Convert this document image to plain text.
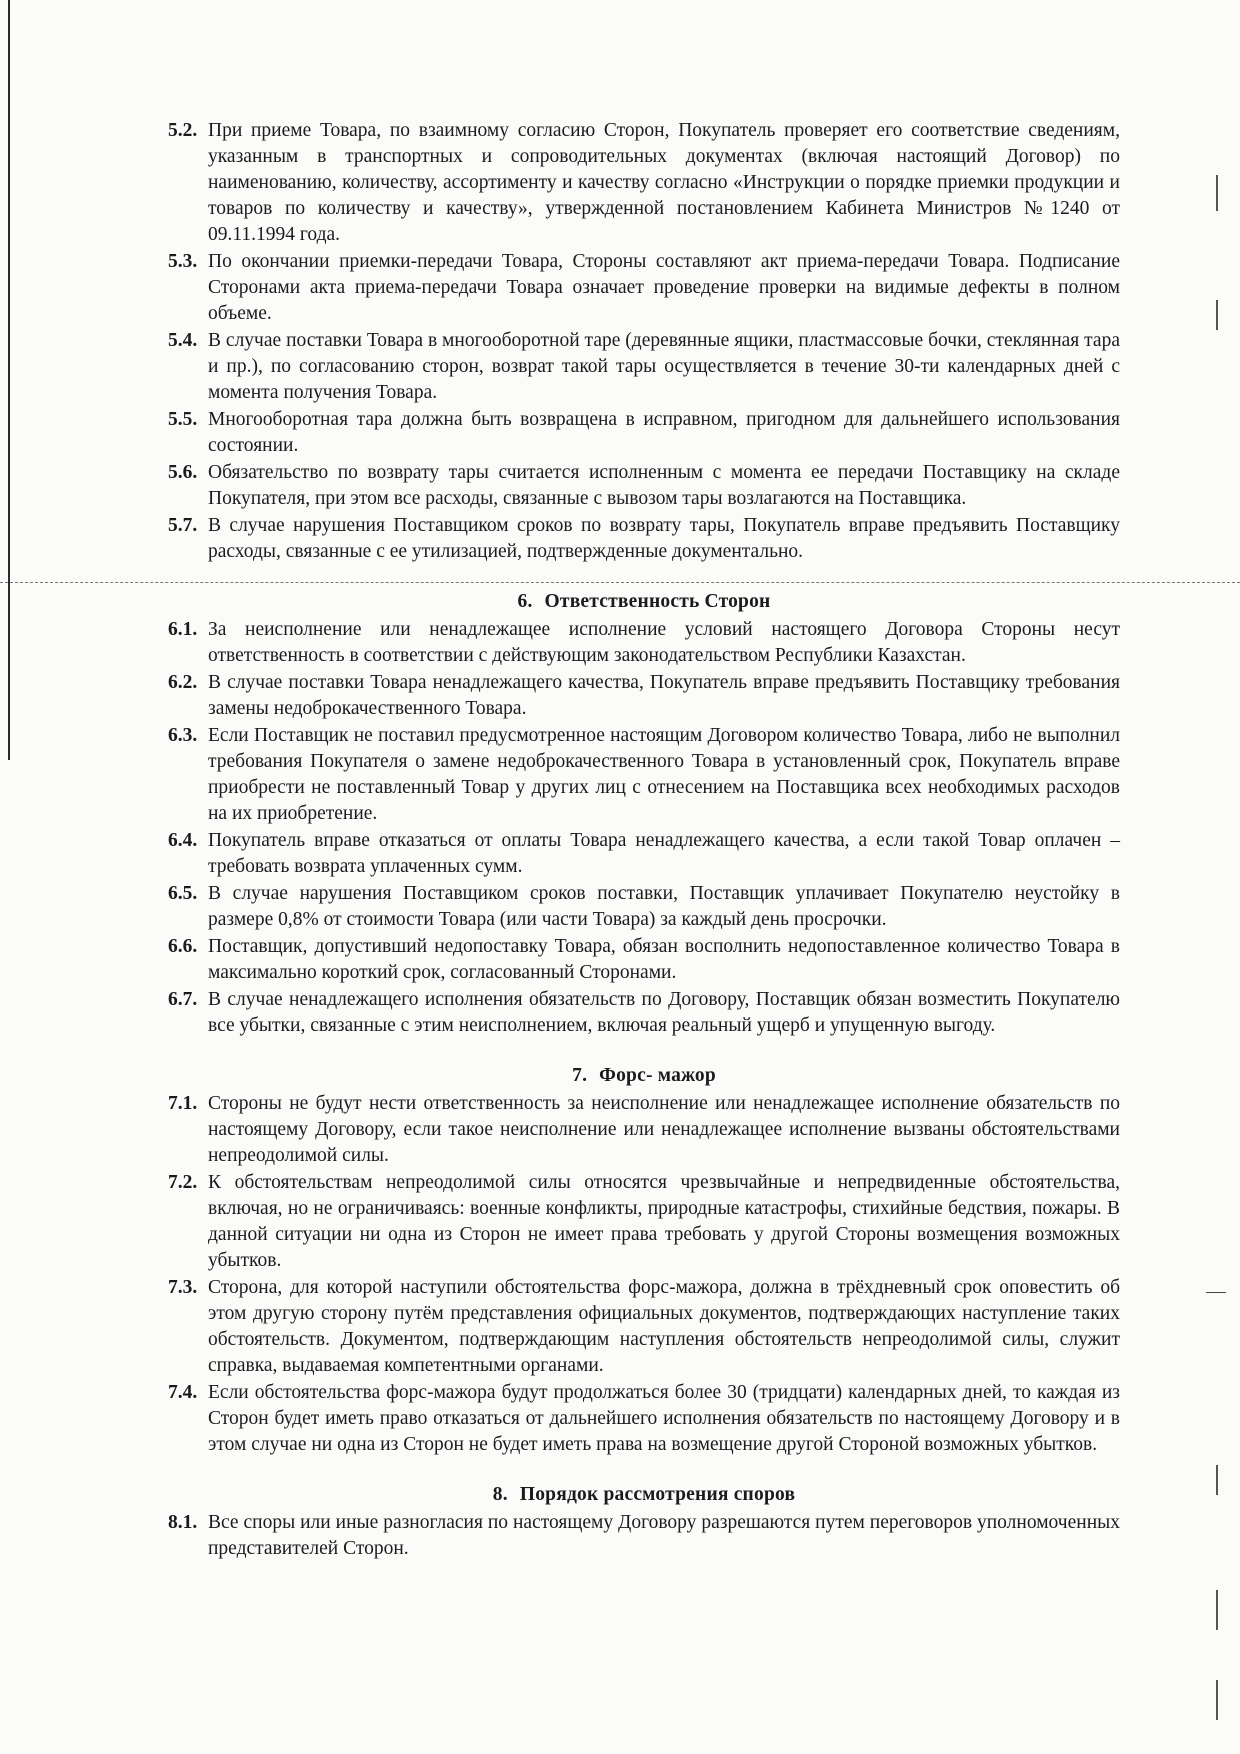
5.2. При приеме Товара, по взаимному согласию Сторон, Покупатель проверяет его соответствие сведениям, указанным в транспортных и сопроводительных документах (включая настоящий Договор) по наименованию, количеству, ассортименту и качеству согласно «Инструкции о порядке приемки продукции и товаров по количеству и качеству», утвержденной постановлением Кабинета Министров №1240 от 09.11.1994 года.
5.3. По окончании приемки-передачи Товара, Стороны составляют акт приема-передачи Товара. Подписание Сторонами акта приема-передачи Товара означает проведение проверки на видимые дефекты в полном объеме.
5.4. В случае поставки Товара в многооборотной таре (деревянные ящики, пластмассовые бочки, стеклянная тара и пр.), по согласованию сторон, возврат такой тары осуществляется в течение 30-ти календарных дней с момента получения Товара.
5.5. Многооборотная тара должна быть возвращена в исправном, пригодном для дальнейшего использования состоянии.
5.6. Обязательство по возврату тары считается исполненным с момента ее передачи Поставщику на складе Покупателя, при этом все расходы, связанные с вывозом тары возлагаются на Поставщика.
5.7. В случае нарушения Поставщиком сроков по возврату тары, Покупатель вправе предъявить Поставщику расходы, связанные с ее утилизацией, подтвержденные документально.
6. Ответственность Сторон
6.1. За неисполнение или ненадлежащее исполнение условий настоящего Договора Стороны несут ответственность в соответствии с действующим законодательством Республики Казахстан.
6.2. В случае поставки Товара ненадлежащего качества, Покупатель вправе предъявить Поставщику требования замены недоброкачественного Товара.
6.3. Если Поставщик не поставил предусмотренное настоящим Договором количество Товара, либо не выполнил требования Покупателя о замене недоброкачественного Товара в установленный срок, Покупатель вправе приобрести не поставленный Товар у других лиц с отнесением на Поставщика всех необходимых расходов на их приобретение.
6.4. Покупатель вправе отказаться от оплаты Товара ненадлежащего качества, а если такой Товар оплачен – требовать возврата уплаченных сумм.
6.5. В случае нарушения Поставщиком сроков поставки, Поставщик уплачивает Покупателю неустойку в размере 0,8% от стоимости Товара (или части Товара) за каждый день просрочки.
6.6. Поставщик, допустивший недопоставку Товара, обязан восполнить недопоставленное количество Товара в максимально короткий срок, согласованный Сторонами.
6.7. В случае ненадлежащего исполнения обязательств по Договору, Поставщик обязан возместить Покупателю все убытки, связанные с этим неисполнением, включая реальный ущерб и упущенную выгоду.
7. Форс- мажор
7.1. Стороны не будут нести ответственность за неисполнение или ненадлежащее исполнение обязательств по настоящему Договору, если такое неисполнение или ненадлежащее исполнение вызваны обстоятельствами непреодолимой силы.
7.2. К обстоятельствам непреодолимой силы относятся чрезвычайные и непредвиденные обстоятельства, включая, но не ограничиваясь: военные конфликты, природные катастрофы, стихийные бедствия, пожары. В данной ситуации ни одна из Сторон не имеет права требовать у другой Стороны возмещения возможных убытков.
7.3. Сторона, для которой наступили обстоятельства форс-мажора, должна в трёхдневный срок оповестить об этом другую сторону путём представления официальных документов, подтверждающих наступление таких обстоятельств. Документом, подтверждающим наступления обстоятельств непреодолимой силы, служит справка, выдаваемая компетентными органами.
7.4. Если обстоятельства форс-мажора будут продолжаться более 30 (тридцати) календарных дней, то каждая из Сторон будет иметь право отказаться от дальнейшего исполнения обязательств по настоящему Договору и в этом случае ни одна из Сторон не будет иметь права на возмещение другой Стороной возможных убытков.
8. Порядок рассмотрения споров
8.1. Все споры или иные разногласия по настоящему Договору разрешаются путем переговоров уполномоченных представителей Сторон.
